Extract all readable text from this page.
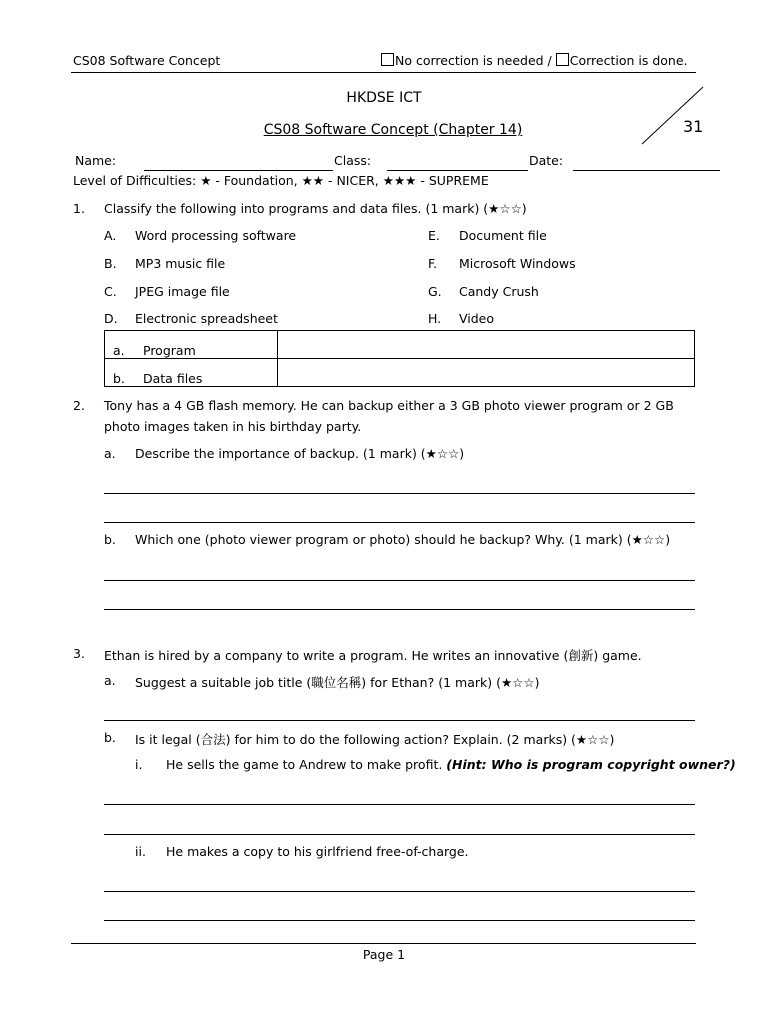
CS08 Software Concept	No correction is needed / Correction is done.
HKDSE ICT
CS08 Software Concept (Chapter 14)	31
Name:	Class:	Date:
Level of Difficulties: ★ - Foundation, ★★ - NICER, ★★★ - SUPREME
1. Classify the following into programs and data files. (1 mark) (★☆☆)
A. Word processing software
B. MP3 music file
C. JPEG image file
D. Electronic spreadsheet
E. Document file
F. Microsoft Windows
G. Candy Crush
H. Video
a. Program	
b. Data files	
2. Tony has a 4 GB flash memory. He can backup either a 3 GB photo viewer program or 2 GB
photo images taken in his birthday party.
a. Describe the importance of backup. (1 mark) (★☆☆)
b. Which one (photo viewer program or photo) should he backup? Why. (1 mark) (★☆☆)
3. Ethan is hired by a company to write a program. He writes an innovative (創新) game.
a. Suggest a suitable job title (職位名稱) for Ethan? (1 mark) (★☆☆)
b. Is it legal (合法) for him to do the following action? Explain. (2 marks) (★☆☆)
i. He sells the game to Andrew to make profit. (Hint: Who is program copyright owner?)
ii. He makes a copy to his girlfriend free-of-charge.
Page 1
